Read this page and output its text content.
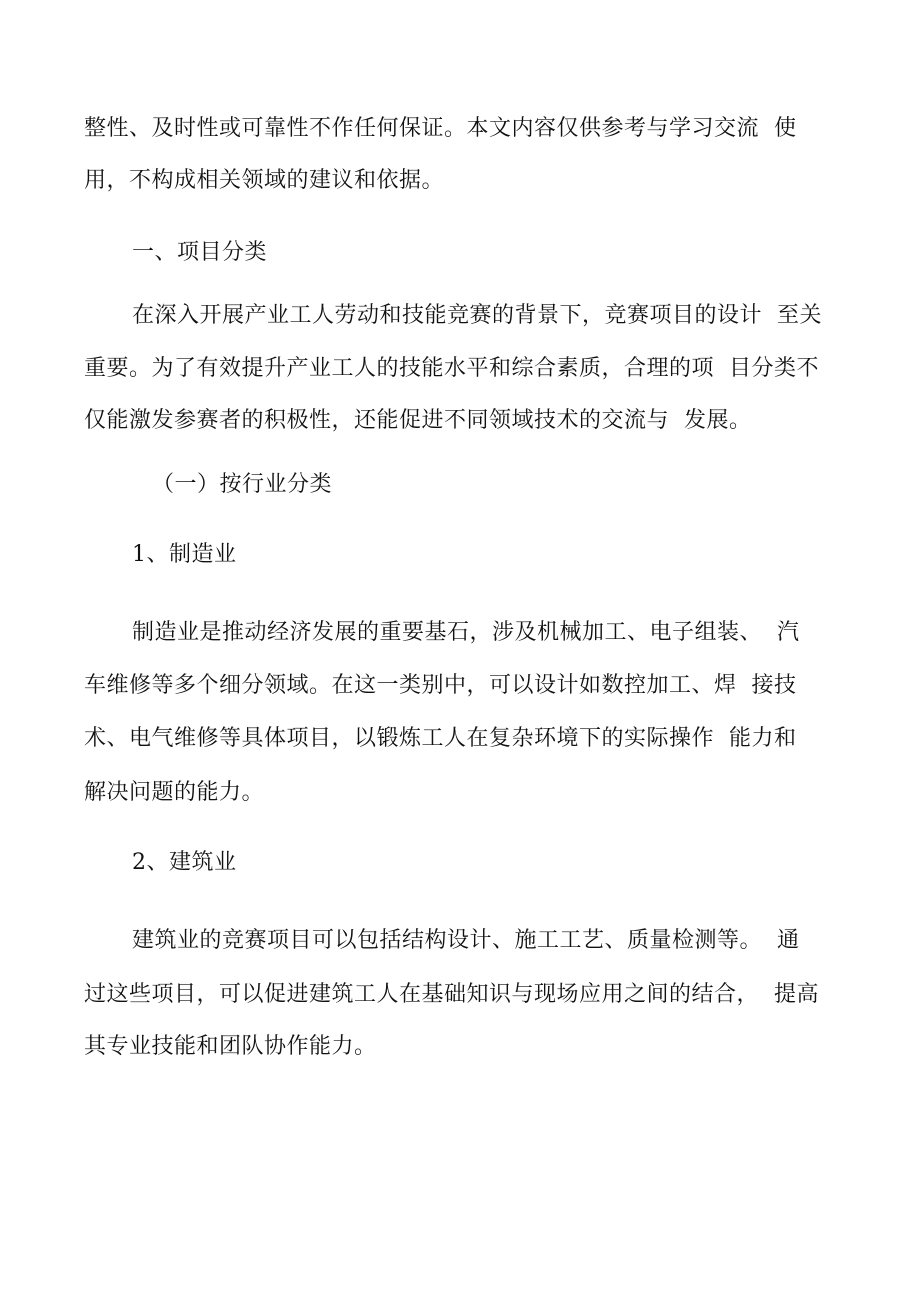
整性、及时性或可靠性不作任何保证。本文内容仅供参考与学习交流  使
用，不构成相关领域的建议和依据。
一、项目分类
在深入开展产业工人劳动和技能竞赛的背景下，竞赛项目的设计  至关
重要。为了有效提升产业工人的技能水平和综合素质，合理的项  目分类不
仅能激发参赛者的积极性，还能促进不同领域技术的交流与  发展。
（一）按行业分类
1、制造业
制造业是推动经济发展的重要基石，涉及机械加工、电子组装、  汽
车维修等多个细分领域。在这一类别中，可以设计如数控加工、焊  接技
术、电气维修等具体项目，以锻炼工人在复杂环境下的实际操作  能力和
解决问题的能力。
2、建筑业
建筑业的竞赛项目可以包括结构设计、施工工艺、质量检测等。  通
过这些项目，可以促进建筑工人在基础知识与现场应用之间的结合，  提高
其专业技能和团队协作能力。
